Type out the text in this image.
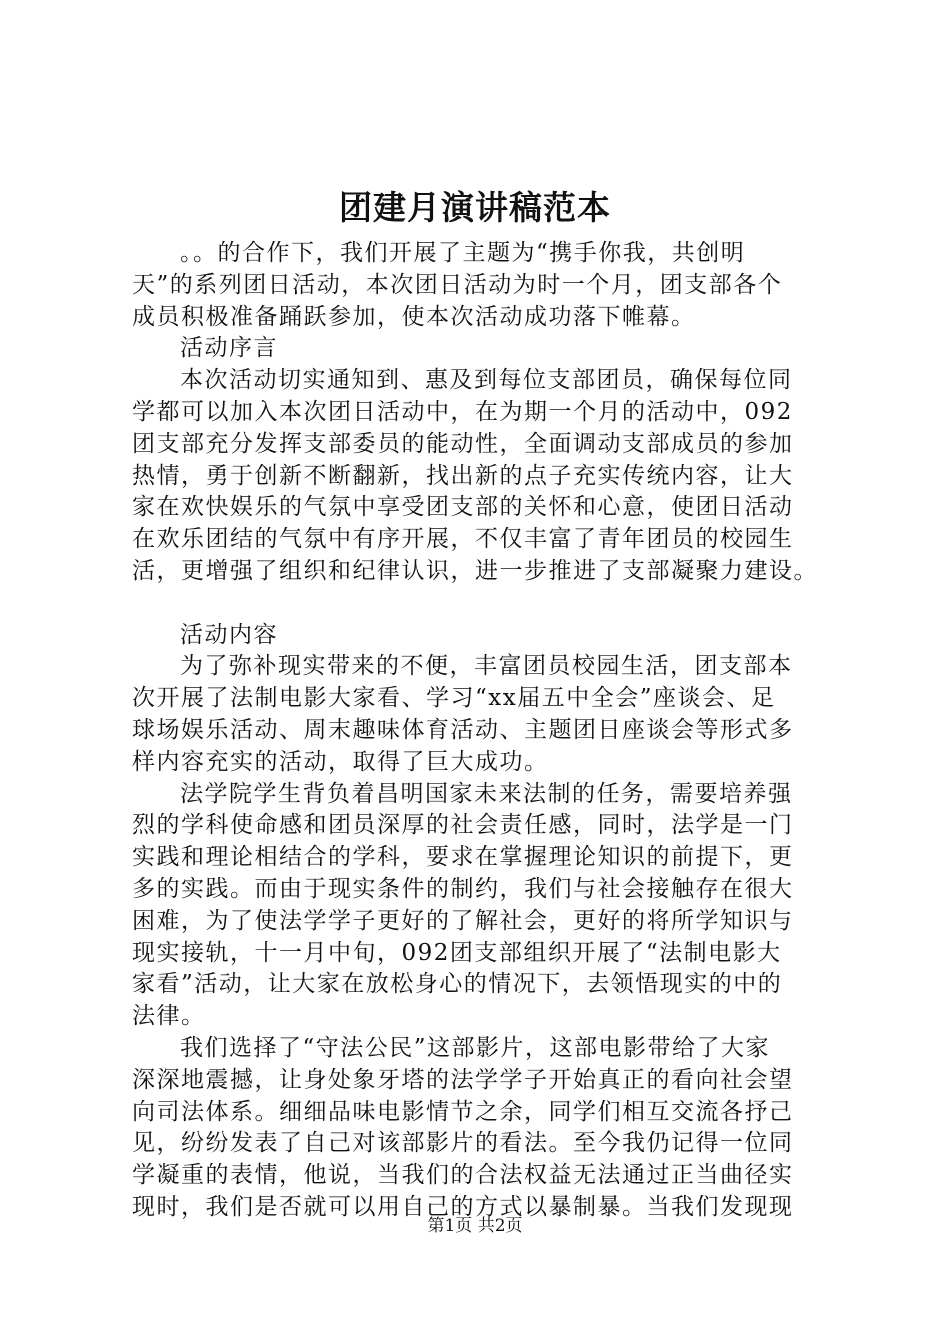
团建月演讲稿范本
。。的合作下，我们开展了主题为“携手你我，共创明
天”的系列团日活动，本次团日活动为时一个月，团支部各个
成员积极准备踊跃参加，使本次活动成功落下帷幕。
活动序言
本次活动切实通知到、惠及到每位支部团员，确保每位同
学都可以加入本次团日活动中，在为期一个月的活动中，092
团支部充分发挥支部委员的能动性，全面调动支部成员的参加
热情，勇于创新不断翻新，找出新的点子充实传统内容，让大
家在欢快娱乐的气氛中享受团支部的关怀和心意，使团日活动
在欢乐团结的气氛中有序开展，不仅丰富了青年团员的校园生
活，更增强了组织和纪律认识，进一步推进了支部凝聚力建设。
活动内容
为了弥补现实带来的不便，丰富团员校园生活，团支部本
次开展了法制电影大家看、学习“xx届五中全会”座谈会、足
球场娱乐活动、周末趣味体育活动、主题团日座谈会等形式多
样内容充实的活动，取得了巨大成功。
法学院学生背负着昌明国家未来法制的任务，需要培养强
烈的学科使命感和团员深厚的社会责任感，同时，法学是一门
实践和理论相结合的学科，要求在掌握理论知识的前提下，更
多的实践。而由于现实条件的制约，我们与社会接触存在很大
困难，为了使法学学子更好的了解社会，更好的将所学知识与
现实接轨，十一月中旬，092团支部组织开展了“法制电影大
家看”活动，让大家在放松身心的情况下，去领悟现实的中的
法律。
我们选择了“守法公民”这部影片，这部电影带给了大家
深深地震撼，让身处象牙塔的法学学子开始真正的看向社会望
向司法体系。细细品味电影情节之余，同学们相互交流各抒己
见，纷纷发表了自己对该部影片的看法。至今我仍记得一位同
学凝重的表情，他说，当我们的合法权益无法通过正当曲径实
现时，我们是否就可以用自己的方式以暴制暴。当我们发现现
第1页 共2页
